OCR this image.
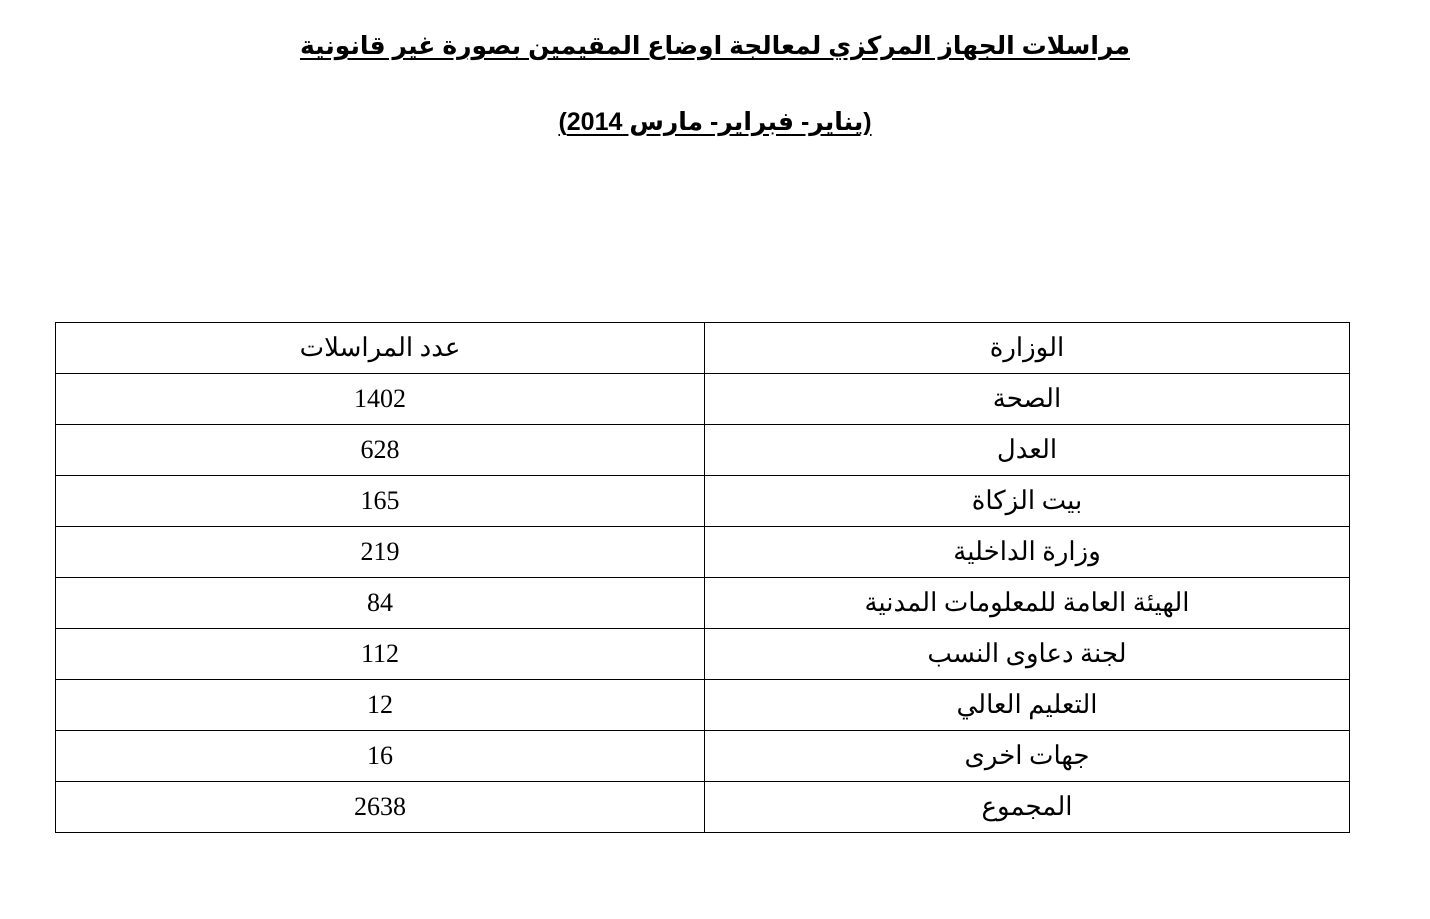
مراسلات الجهاز المركزي لمعالجة اوضاع المقيمين بصورة غير قانونية
(يناير- فبراير- مارس 2014)
الوزارة	عدد المراسلات
الصحة	1402
العدل	628
بيت الزكاة	165
وزارة الداخلية	219
الهيئة العامة للمعلومات المدنية	84
لجنة دعاوى النسب	112
التعليم العالي	12
جهات اخرى	16
المجموع	2638
